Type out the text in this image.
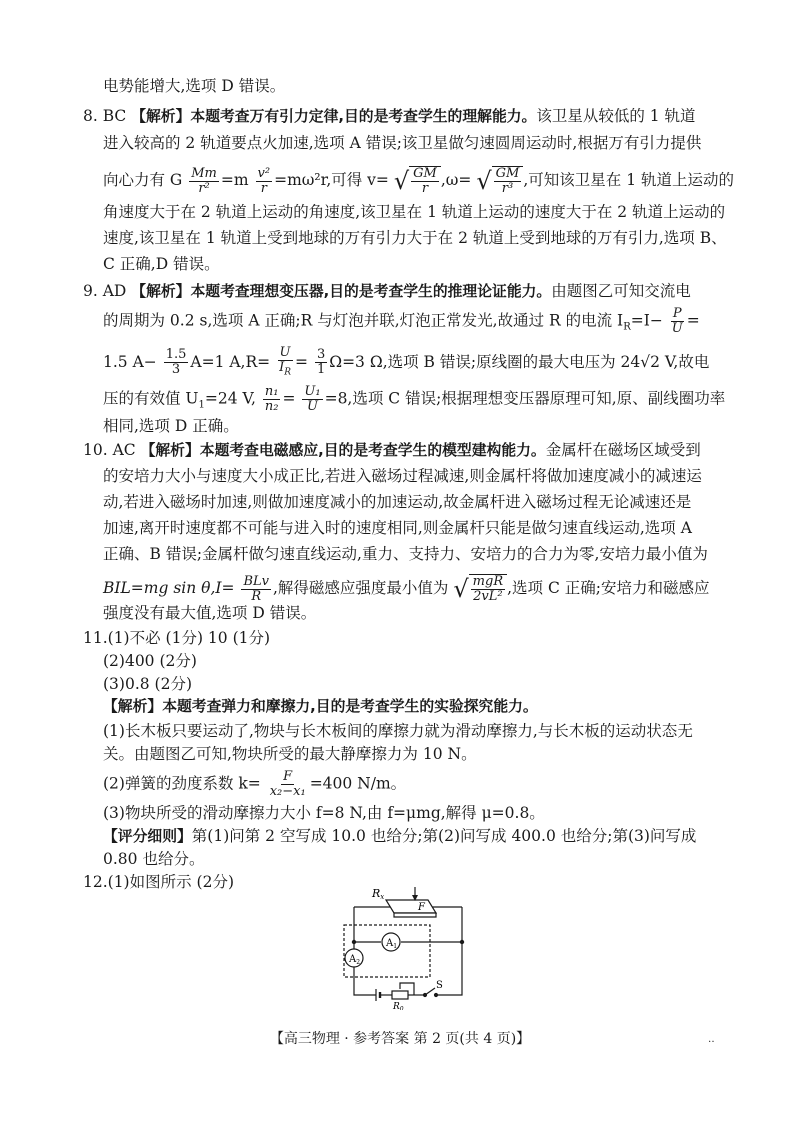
电势能增大,选项 D 错误。
8. BC 【解析】本题考查万有引力定律,目的是考查学生的理解能力。该卫星从较低的 1 轨道
进入较高的 2 轨道要点火加速,选项 A 错误;该卫星做匀速圆周运动时,根据万有引力提供
向心力有 G $\frac{Mm}{\text{r²}} =m \frac{\text{v²}}{r} =m\omega^2r$,可得 v= √ $\frac{GM}{r} ,\omega=$ √ $\frac{GM}{\text{r³}}$ ,可知该卫星在 1 轨道上运动的
角速度大于在 2 轨道上运动的角速度,该卫星在 1 轨道上运动的速度大于在 2 轨道上运动的
速度,该卫星在 1 轨道上受到地球的万有引力大于在 2 轨道上受到地球的万有引力,选项 B、
C 正确,D 错误。
9. AD 【解析】本题考查理想变压器,目的是考查学生的推理论证能力。由题图乙可知交流电
的周期为 0.2 s,选项 A 正确;R 与灯泡并联,灯泡正常发光,故通过 R 的电流 $I_R=I- \frac{P}{U}$ =
1.5 $A- \frac{1.5}{3} A=1$ $A,R= \frac{U}{I_R} = \frac{3}{1} \Omega=3$ Ω,选项 B 错误;原线圈的最大电压为 24√2 V,故电
压的有效值 $U_1=24$ V, $\frac{\text{n₁}}{\text{n₂}} = \frac{\text{U₁}}{U} =8$,选项 C 错误;根据理想变压器原理可知,原、副线圈功率
相同,选项 D 正确。
10. AC 【解析】本题考查电磁感应,目的是考查学生的模型建构能力。金属杆在磁场区域受到
的安培力大小与速度大小成正比,若进入磁场过程减速,则金属杆将做加速度减小的减速运
动,若进入磁场时加速,则做加速度减小的加速运动,故金属杆进入磁场过程无论减速还是
加速,离开时速度都不可能与进入时的速度相同,则金属杆只能是做匀速直线运动,选项 A
正确、B 错误;金属杆做匀速直线运动,重力、支持力、安培力的合力为零,安培力最小值为
BIL=mg $\sin \theta,I= \frac{\text{BLv}}{R}$ ,解得磁感应强度最小值为 √ $\frac{\text{mgR}}{\text{2vL²}}$ ,选项 C 正确;安培力和磁感应
强度没有最大值,选项 D 错误。
11.(1)不必 (1分) 10 (1分)
(2)400 (2分)
(3)0.8 (2分)
【解析】本题考查弹力和摩擦力,目的是考查学生的实验探究能力。
(1)长木板只要运动了,物块与长木板间的摩擦力就为滑动摩擦力,与长木板的运动状态无
关。由题图乙可知,物块所受的最大静摩擦力为 10 N。
(2)弹簧的劲度系数 $k= \frac{F}{\text{x₂−x₁}} =400$ N/m。
(3)物块所受的滑动摩擦力大小 f=8 N,由 f=μmg,解得 μ=0.8。
【评分细则】第(1)问第 2 空写成 10.0 也给分;第(2)问写成 400.0 也给分;第(3)问写成
0.80 也给分。
12.(1)如图所示 (2分)
Rx
F
$A_1$
$A_2$
$R_0$
S
【高三物理 · 参考答案 第 2 页(共 4 页)】	‥
